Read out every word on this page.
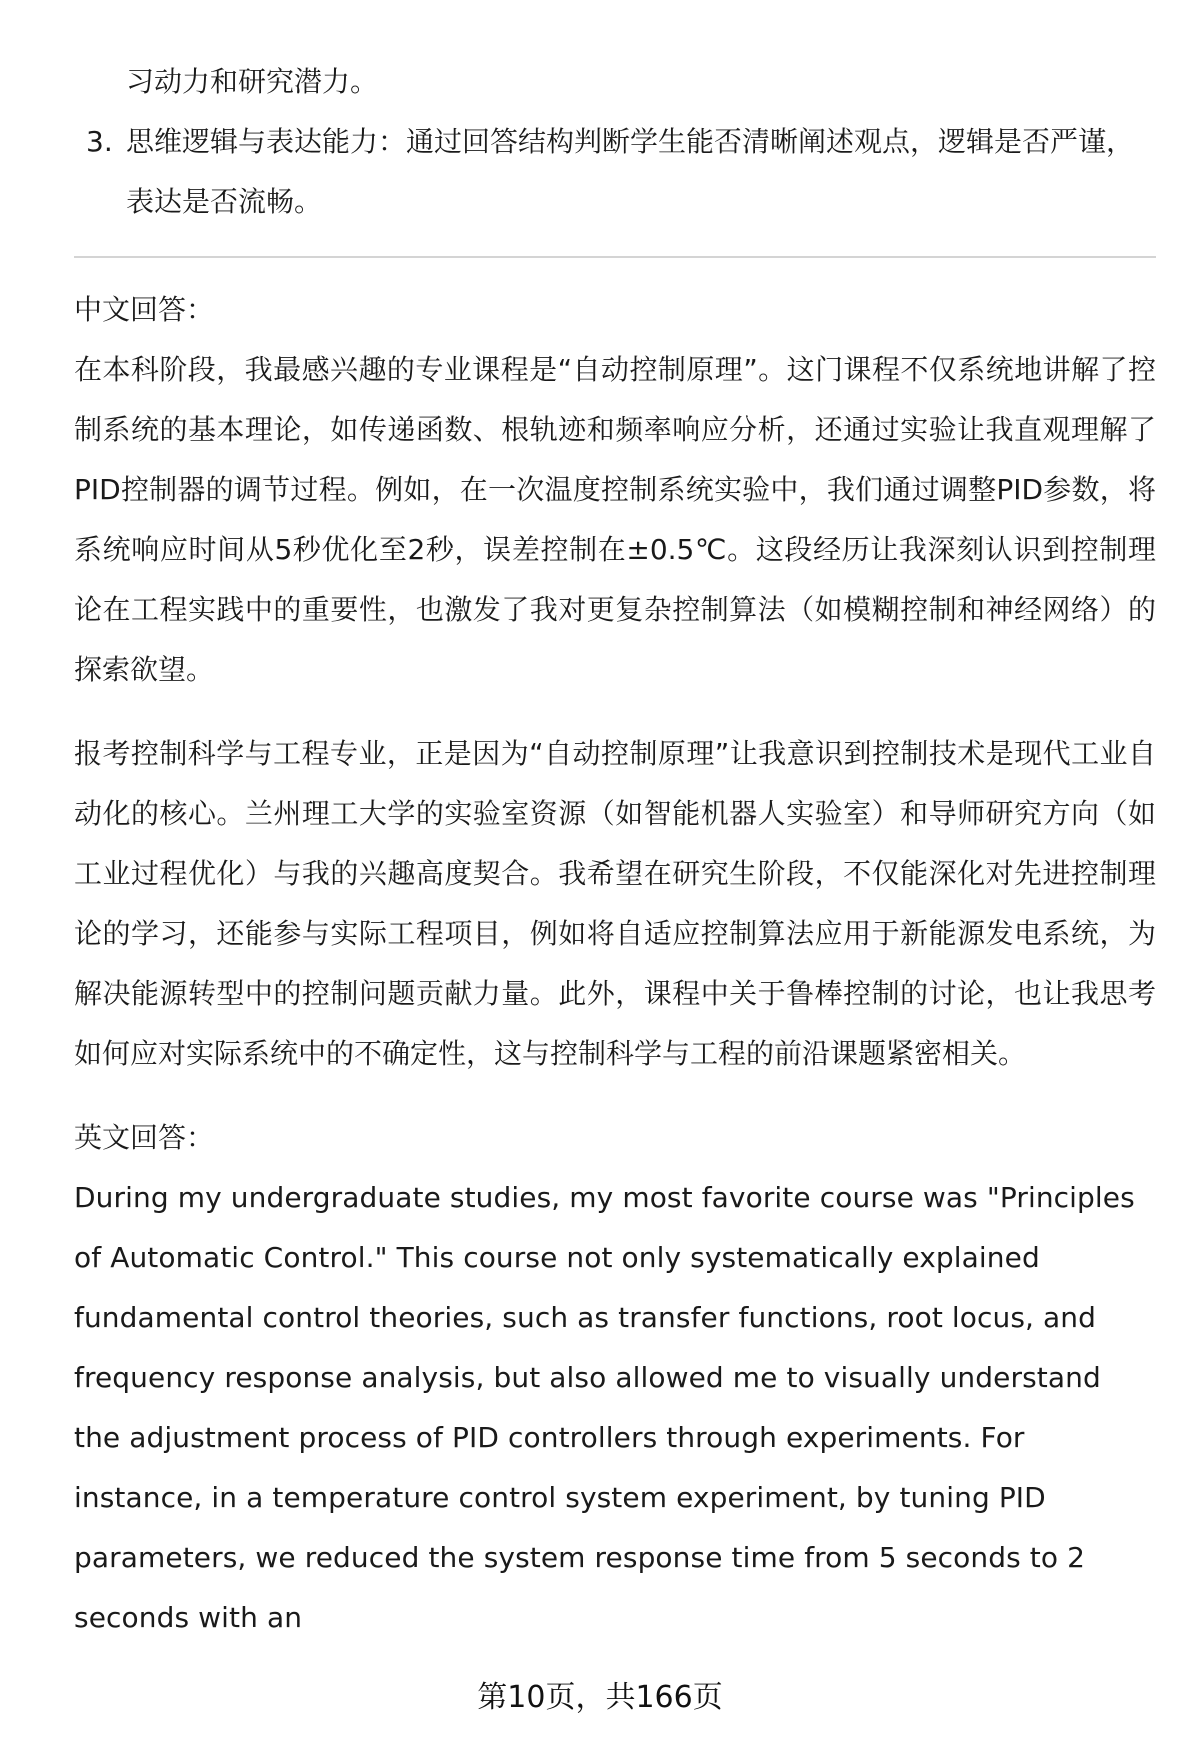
习动力和研究潜力。
3. 思维逻辑与表达能力：通过回答结构判断学生能否清晰阐述观点，逻辑是否严谨，表达是否流畅。
中文回答：

在本科阶段，我最感兴趣的专业课程是“自动控制原理”。这门课程不仅系统地讲解了控制系统的基本理论，如传递函数、根轨迹和频率响应分析，还通过实验让我直观理解了PID控制器的调节过程。例如，在一次温度控制系统实验中，我们通过调整PID参数，将系统响应时间从5秒优化至2秒，误差控制在±0.5℃。这段经历让我深刻认识到控制理论在工程实践中的重要性，也激发了我对更复杂控制算法（如模糊控制和神经网络）的探索欲望。

报考控制科学与工程专业，正是因为“自动控制原理”让我意识到控制技术是现代工业自动化的核心。兰州理工大学的实验室资源（如智能机器人实验室）和导师研究方向（如工业过程优化）与我的兴趣高度契合。我希望在研究生阶段，不仅能深化对先进控制理论的学习，还能参与实际工程项目，例如将自适应控制算法应用于新能源发电系统，为解决能源转型中的控制问题贡献力量。此外，课程中关于鲁棒控制的讨论，也让我思考如何应对实际系统中的不确定性，这与控制科学与工程的前沿课题紧密相关。

英文回答：

During my undergraduate studies, my most favorite course was "Principles of Automatic Control." This course not only systematically explained fundamental control theories, such as transfer functions, root locus, and frequency response analysis, but also allowed me to visually understand the adjustment process of PID controllers through experiments. For instance, in a temperature control system experiment, by tuning PID parameters, we reduced the system response time from 5 seconds to 2 seconds with an

第10页，共166页
